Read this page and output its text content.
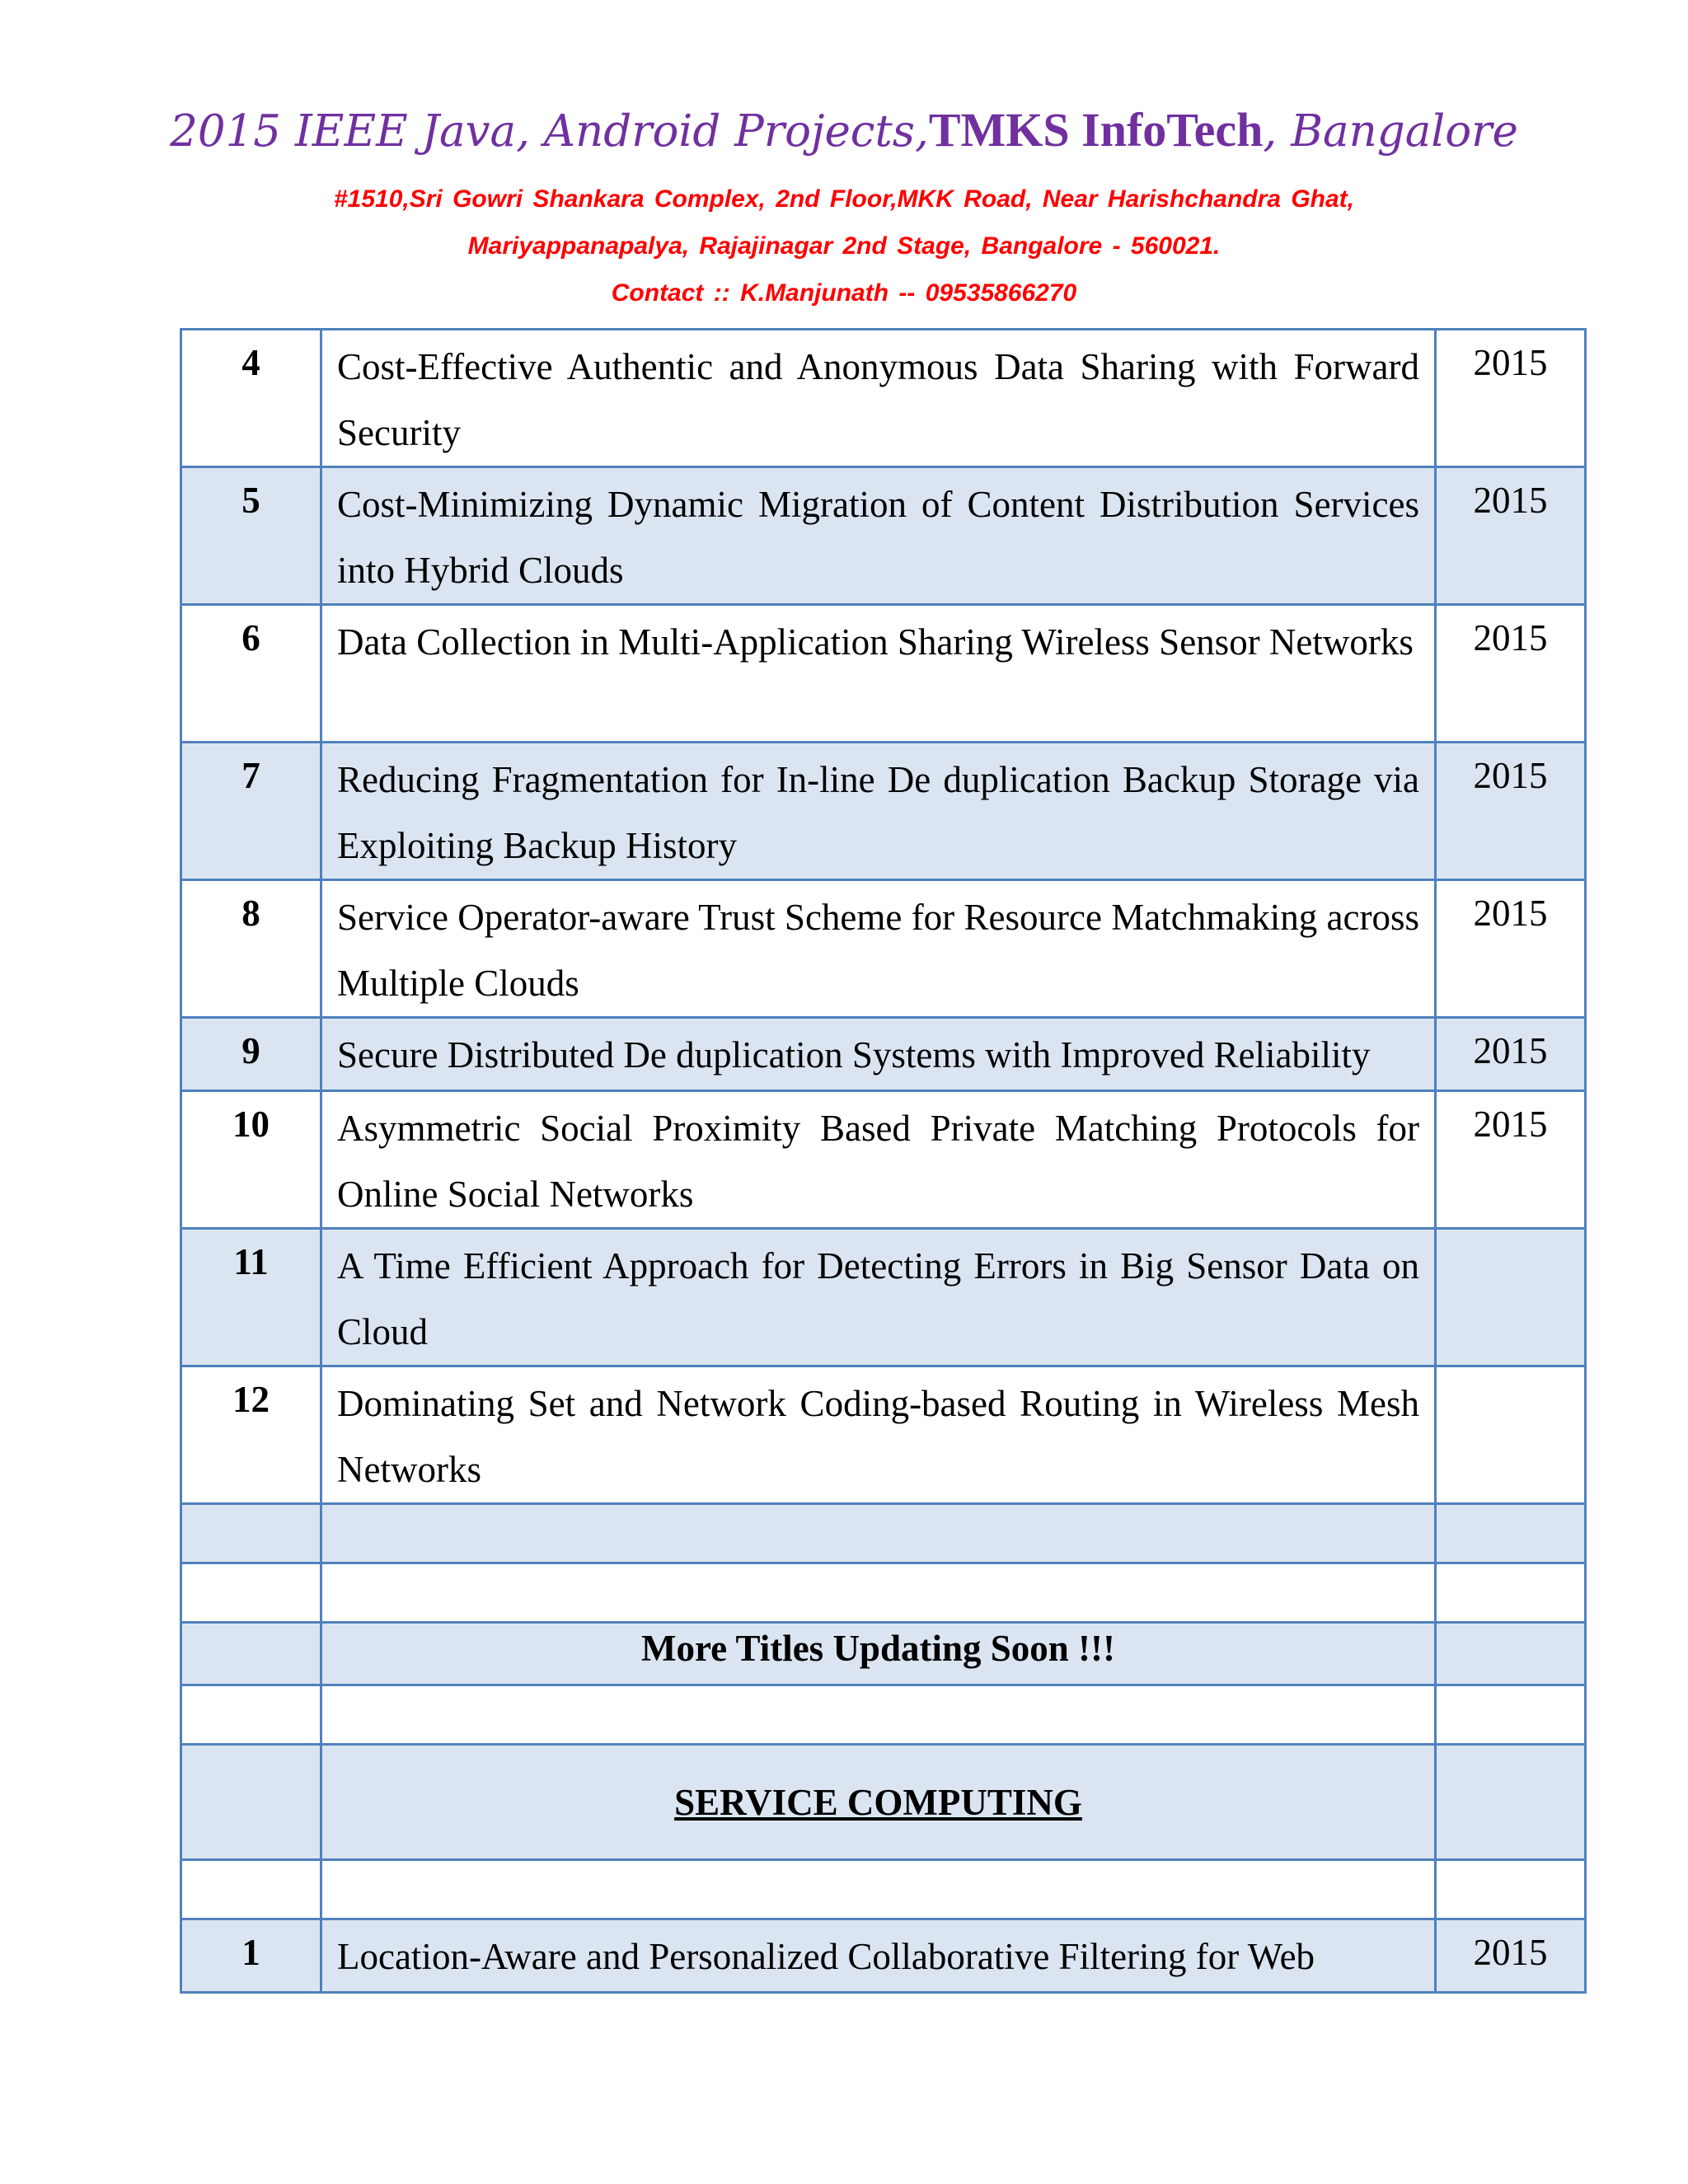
2015 IEEE Java, Android Projects,TMKS InfoTech, Bangalore
#1510,Sri Gowri Shankara Complex, 2nd Floor,MKK Road, Near Harishchandra Ghat,
Mariyappanapalya, Rajajinagar 2nd Stage, Bangalore - 560021.
Contact :: K.Manjunath -- 09535866270
4	Cost-Effective Authentic and Anonymous Data Sharing with Forward Security	2015
5	Cost-Minimizing Dynamic Migration of Content Distribution Services into Hybrid Clouds	2015
6	Data Collection in Multi-Application Sharing Wireless Sensor Networks	2015
7	Reducing Fragmentation for In-line De duplication Backup Storage via Exploiting Backup History	2015
8	Service Operator-aware Trust Scheme for Resource Matchmaking across Multiple Clouds	2015
9	Secure Distributed De duplication Systems with Improved Reliability	2015
10	Asymmetric Social Proximity Based Private Matching Protocols for Online Social Networks	2015
11	A Time Efficient Approach for Detecting Errors in Big Sensor Data on Cloud	
12	Dominating Set and Network Coding-based Routing in Wireless Mesh Networks	

	More Titles Updating Soon !!!	

	SERVICE COMPUTING	

1	Location-Aware and Personalized Collaborative Filtering for Web	2015
